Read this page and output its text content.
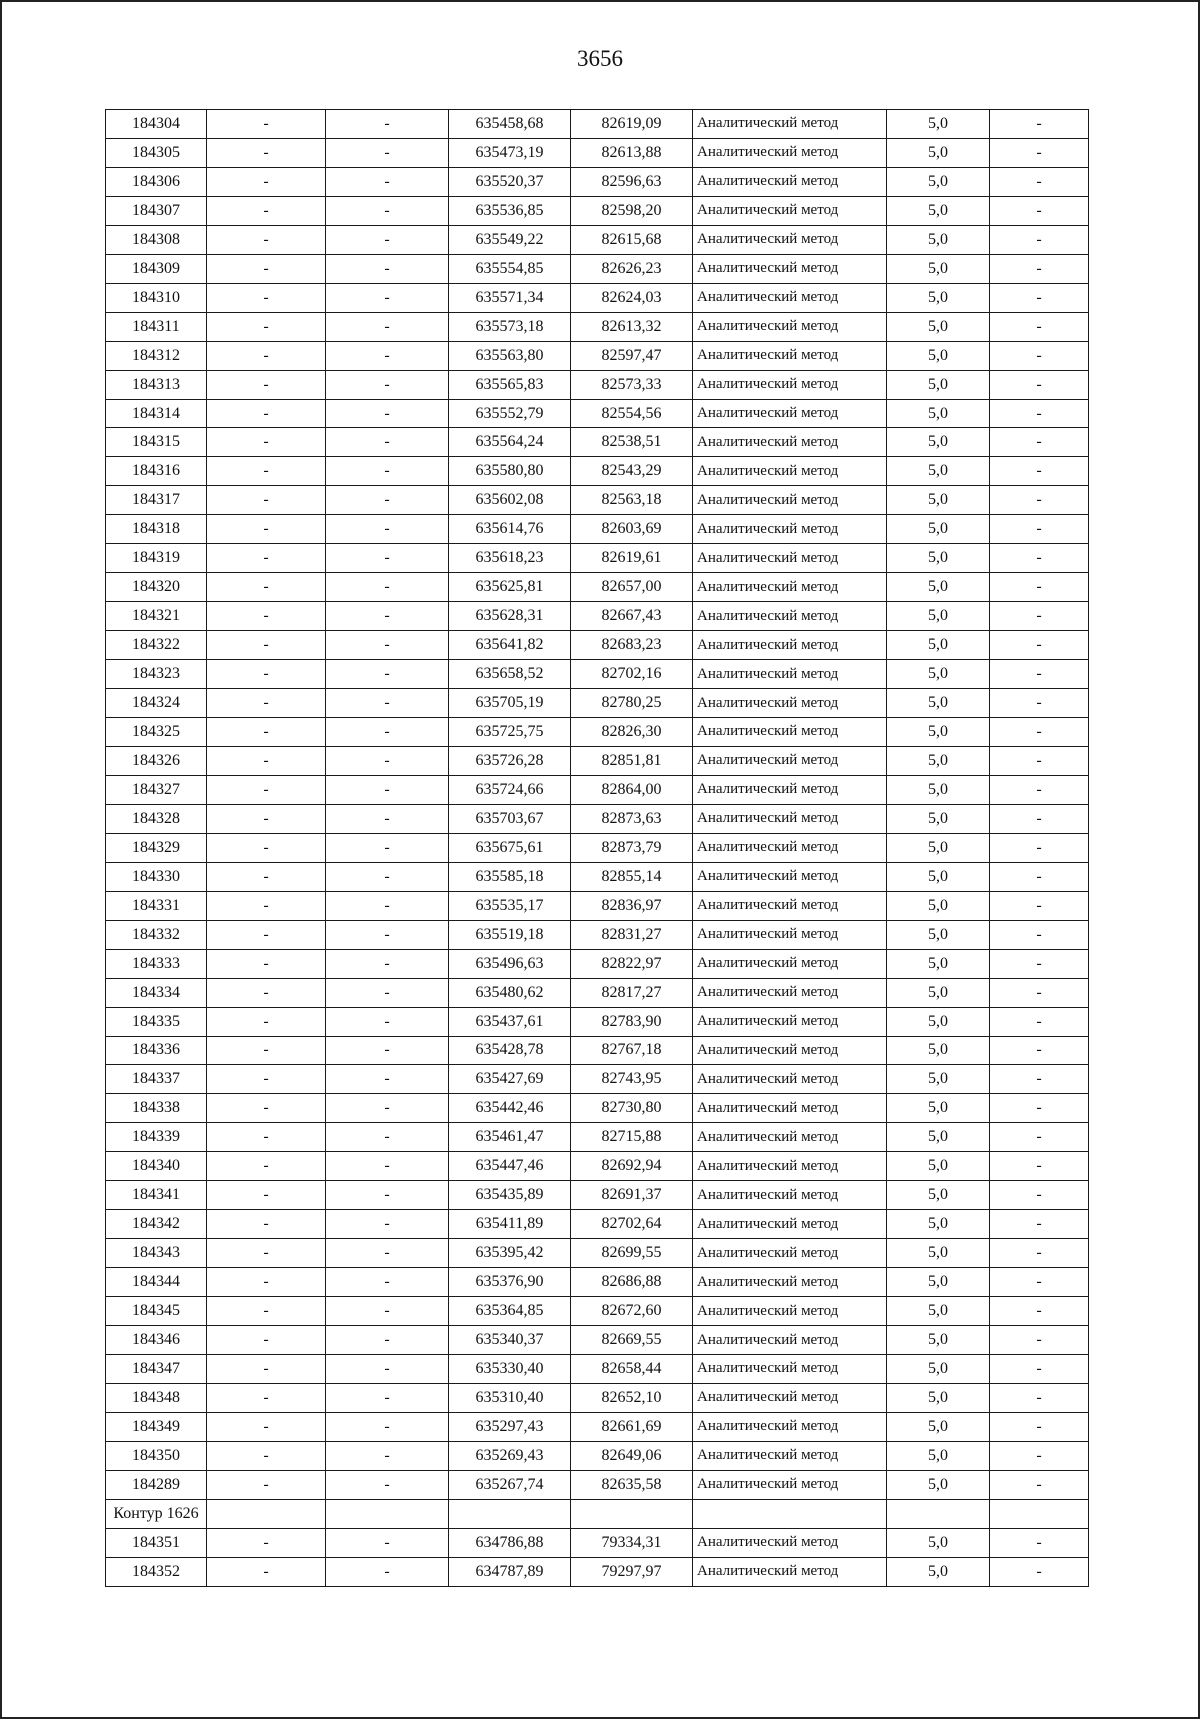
3656
184304	-	-	635458,68	82619,09	Аналитический метод	5,0	-
184305	-	-	635473,19	82613,88	Аналитический метод	5,0	-
184306	-	-	635520,37	82596,63	Аналитический метод	5,0	-
184307	-	-	635536,85	82598,20	Аналитический метод	5,0	-
184308	-	-	635549,22	82615,68	Аналитический метод	5,0	-
184309	-	-	635554,85	82626,23	Аналитический метод	5,0	-
184310	-	-	635571,34	82624,03	Аналитический метод	5,0	-
184311	-	-	635573,18	82613,32	Аналитический метод	5,0	-
184312	-	-	635563,80	82597,47	Аналитический метод	5,0	-
184313	-	-	635565,83	82573,33	Аналитический метод	5,0	-
184314	-	-	635552,79	82554,56	Аналитический метод	5,0	-
184315	-	-	635564,24	82538,51	Аналитический метод	5,0	-
184316	-	-	635580,80	82543,29	Аналитический метод	5,0	-
184317	-	-	635602,08	82563,18	Аналитический метод	5,0	-
184318	-	-	635614,76	82603,69	Аналитический метод	5,0	-
184319	-	-	635618,23	82619,61	Аналитический метод	5,0	-
184320	-	-	635625,81	82657,00	Аналитический метод	5,0	-
184321	-	-	635628,31	82667,43	Аналитический метод	5,0	-
184322	-	-	635641,82	82683,23	Аналитический метод	5,0	-
184323	-	-	635658,52	82702,16	Аналитический метод	5,0	-
184324	-	-	635705,19	82780,25	Аналитический метод	5,0	-
184325	-	-	635725,75	82826,30	Аналитический метод	5,0	-
184326	-	-	635726,28	82851,81	Аналитический метод	5,0	-
184327	-	-	635724,66	82864,00	Аналитический метод	5,0	-
184328	-	-	635703,67	82873,63	Аналитический метод	5,0	-
184329	-	-	635675,61	82873,79	Аналитический метод	5,0	-
184330	-	-	635585,18	82855,14	Аналитический метод	5,0	-
184331	-	-	635535,17	82836,97	Аналитический метод	5,0	-
184332	-	-	635519,18	82831,27	Аналитический метод	5,0	-
184333	-	-	635496,63	82822,97	Аналитический метод	5,0	-
184334	-	-	635480,62	82817,27	Аналитический метод	5,0	-
184335	-	-	635437,61	82783,90	Аналитический метод	5,0	-
184336	-	-	635428,78	82767,18	Аналитический метод	5,0	-
184337	-	-	635427,69	82743,95	Аналитический метод	5,0	-
184338	-	-	635442,46	82730,80	Аналитический метод	5,0	-
184339	-	-	635461,47	82715,88	Аналитический метод	5,0	-
184340	-	-	635447,46	82692,94	Аналитический метод	5,0	-
184341	-	-	635435,89	82691,37	Аналитический метод	5,0	-
184342	-	-	635411,89	82702,64	Аналитический метод	5,0	-
184343	-	-	635395,42	82699,55	Аналитический метод	5,0	-
184344	-	-	635376,90	82686,88	Аналитический метод	5,0	-
184345	-	-	635364,85	82672,60	Аналитический метод	5,0	-
184346	-	-	635340,37	82669,55	Аналитический метод	5,0	-
184347	-	-	635330,40	82658,44	Аналитический метод	5,0	-
184348	-	-	635310,40	82652,10	Аналитический метод	5,0	-
184349	-	-	635297,43	82661,69	Аналитический метод	5,0	-
184350	-	-	635269,43	82649,06	Аналитический метод	5,0	-
184289	-	-	635267,74	82635,58	Аналитический метод	5,0	-
Контур 1626							
184351	-	-	634786,88	79334,31	Аналитический метод	5,0	-
184352	-	-	634787,89	79297,97	Аналитический метод	5,0	-
